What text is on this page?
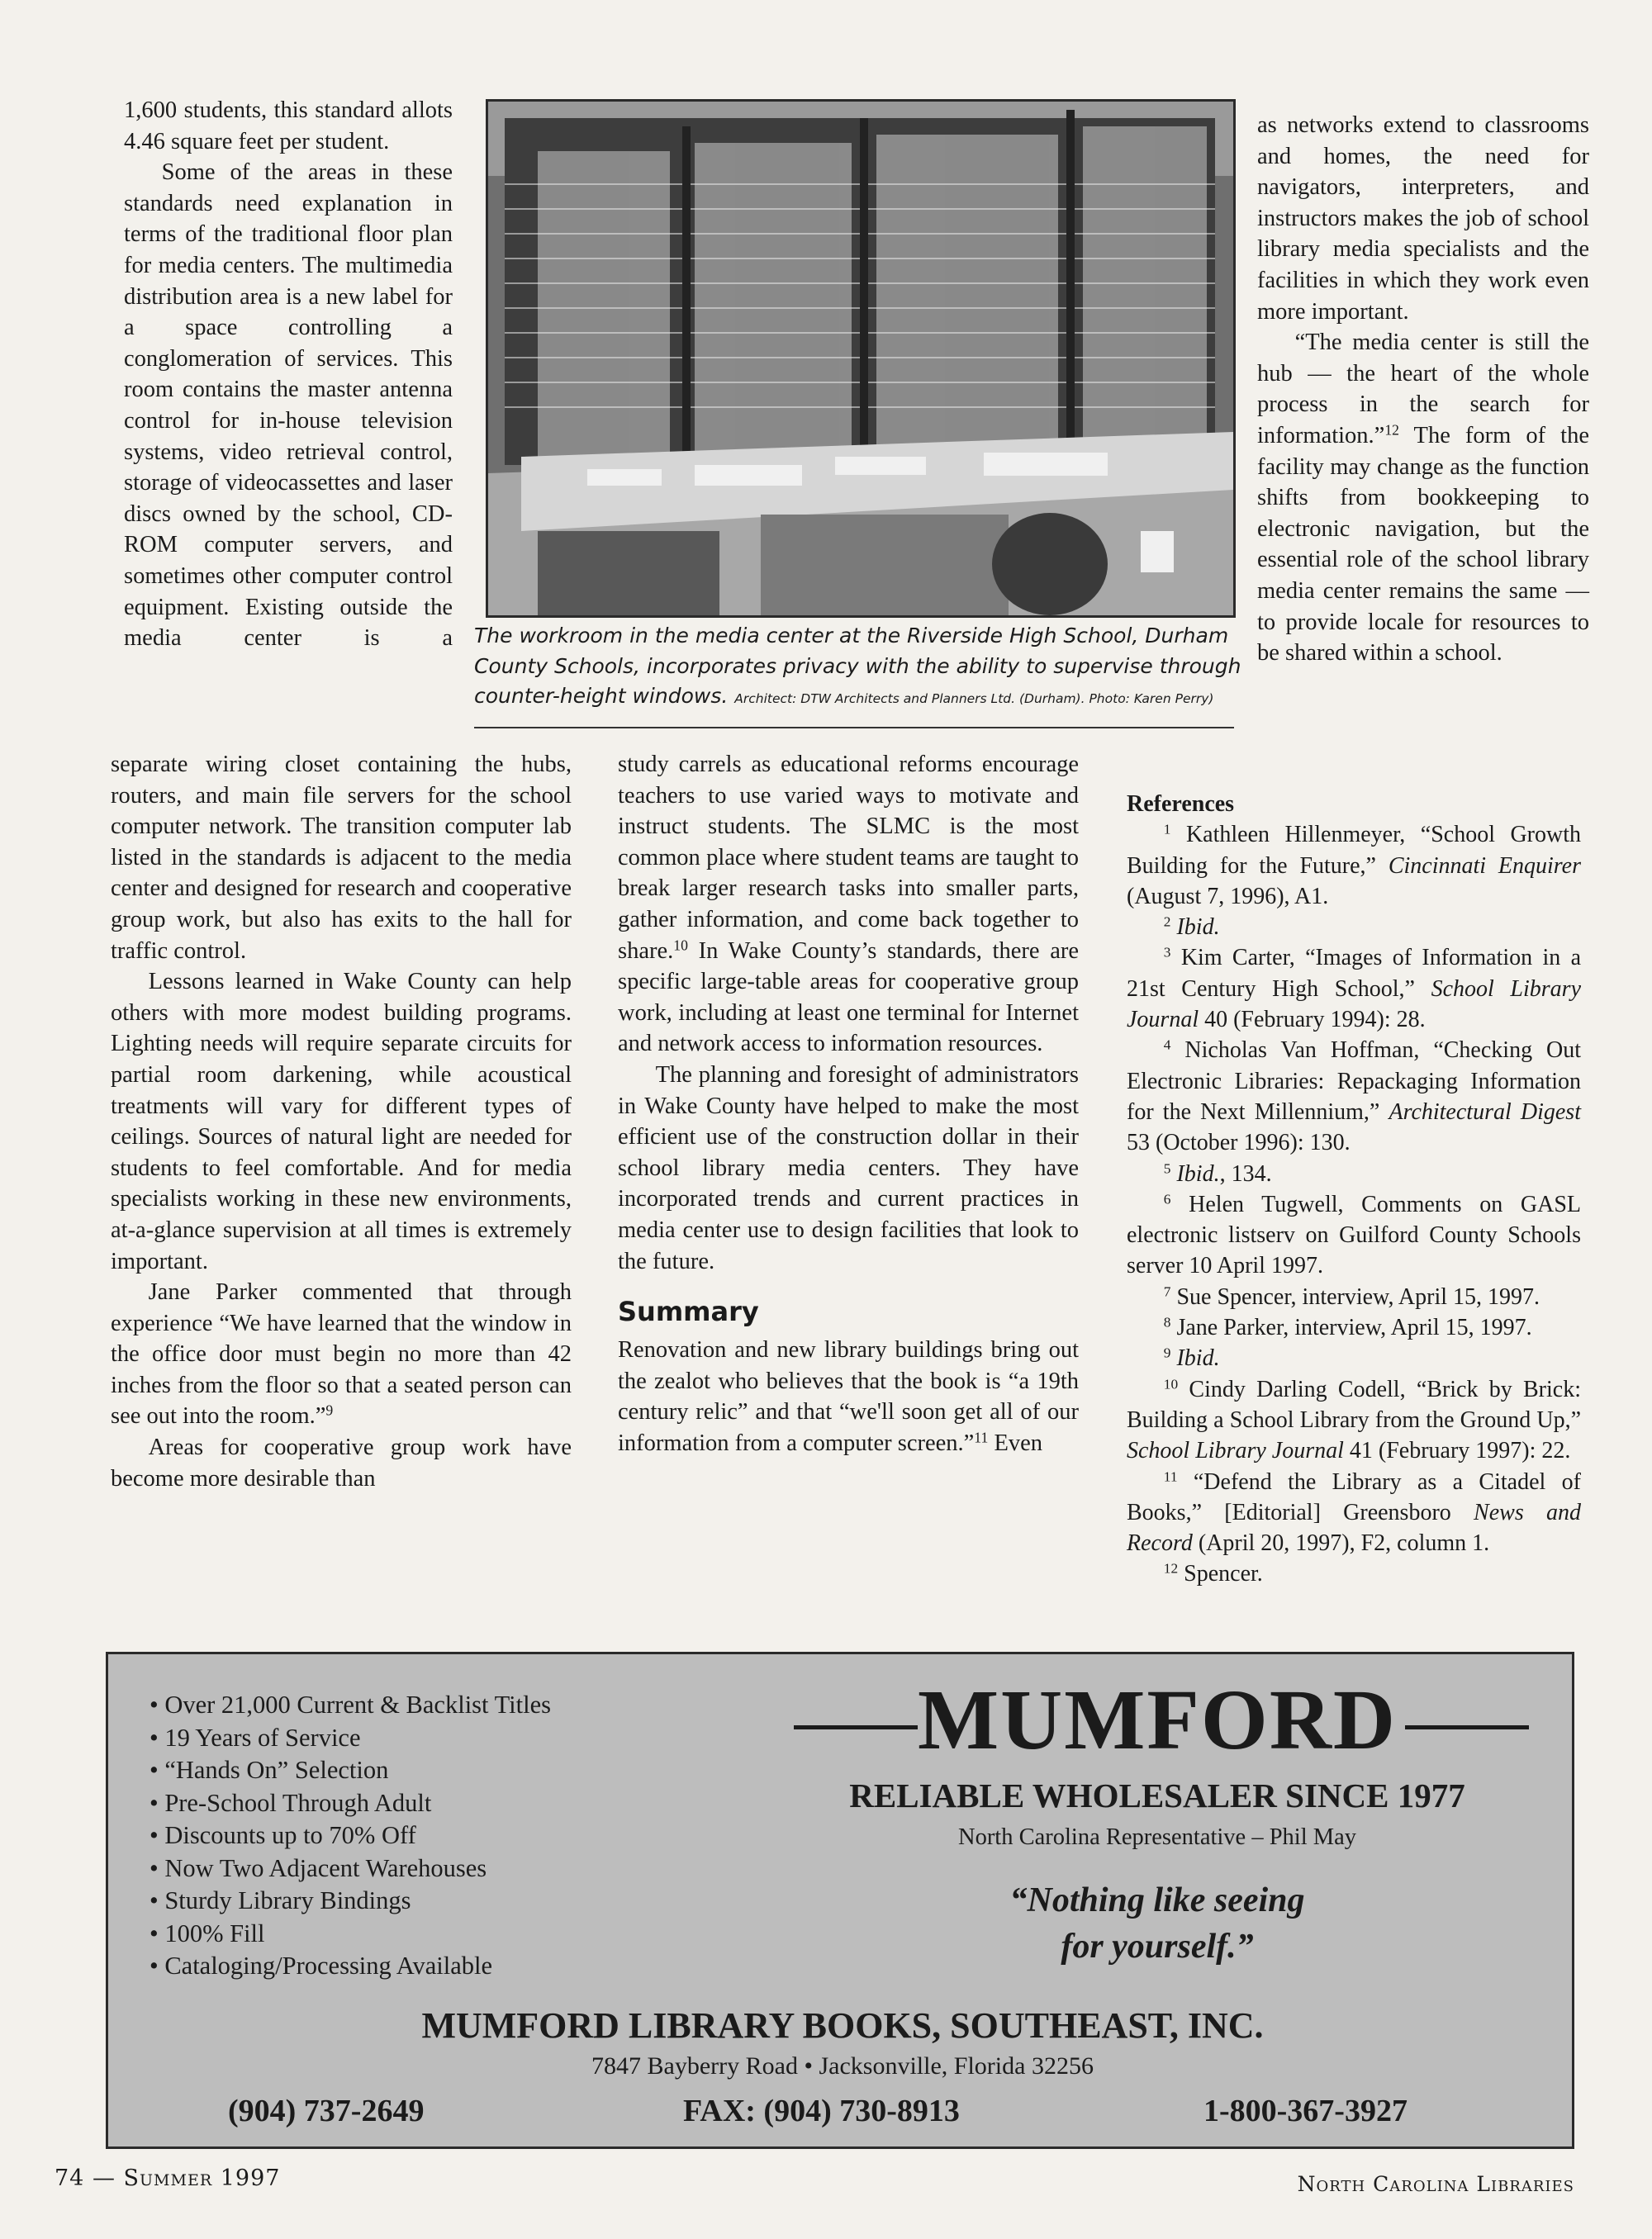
1,600 students, this standard allots 4.46 square feet per student.

Some of the areas in these standards need explanation in terms of the traditional floor plan for media centers. The multimedia distribution area is a new label for a space controlling a conglomeration of services. This room contains the master antenna control for in-house television systems, video retrieval control, storage of videocassettes and laser discs owned by the school, CD-ROM computer servers, and sometimes other computer control equipment. Existing outside the media center is a

separate wiring closet containing the hubs, routers, and main file servers for the school computer network. The transition computer lab listed in the standards is adjacent to the media center and designed for research and cooperative group work, but also has exits to the hall for traffic control.

Lessons learned in Wake County can help others with more modest building programs. Lighting needs will require separate circuits for partial room darkening, while acoustical treatments will vary for different types of ceilings. Sources of natural light are needed for students to feel comfortable. And for media specialists working in these new environments, at-a-glance supervision at all times is extremely important.

Jane Parker commented that through experience “We have learned that the window in the office door must begin no more than 42 inches from the floor so that a seated person can see out into the room.”$^9$

Areas for cooperative group work have become more desirable than

The workroom in the media center at the Riverside High School, Durham County Schools, incorporates privacy with the ability to supervise through counter-height windows. Architect: DTW Architects and Planners Ltd. (Durham). Photo: Karen Perry)

study carrels as educational reforms encourage teachers to use varied ways to motivate and instruct students. The SLMC is the most common place where student teams are taught to break larger research tasks into smaller parts, gather information, and come back together to share.$^{10}$ In Wake County’s standards, there are specific large-table areas for cooperative group work, including at least one terminal for Internet and network access to information resources.

The planning and foresight of administrators in Wake County have helped to make the most efficient use of the construction dollar in their school library media centers. They have incorporated trends and current practices in media center use to design facilities that look to the future.

Summary

Renovation and new library buildings bring out the zealot who believes that the book is “a 19th century relic” and that “we'll soon get all of our information from a computer screen.”$^{11}$ Even

as networks extend to classrooms and homes, the need for navigators, interpreters, and instructors makes the job of school library media specialists and the facilities in which they work even more important.

“The media center is still the hub — the heart of the whole process in the search for information.”$^{12}$ The form of the facility may change as the function shifts from bookkeeping to electronic navigation, but the essential role of the school library media center remains the same — to provide locale for resources to be shared within a school.

References

$^1$ Kathleen Hillenmeyer, “School Growth Building for the Future,” Cincinnati Enquirer (August 7, 1996), A1.

$^2$ Ibid.

$^3$ Kim Carter, “Images of Information in a 21st Century High School,” School Library Journal 40 (February 1994): 28.

$^4$ Nicholas Van Hoffman, “Checking Out Electronic Libraries: Repackaging Information for the Next Millennium,” Architectural Digest 53 (October 1996): 130.

$^5$ Ibid., 134.

$^6$ Helen Tugwell, Comments on GASL electronic listserv on Guilford County Schools server 10 April 1997.

$^7$ Sue Spencer, interview, April 15, 1997.

$^8$ Jane Parker, interview, April 15, 1997.

$^9$ Ibid.

$^{10}$ Cindy Darling Codell, “Brick by Brick: Building a School Library from the Ground Up,” School Library Journal 41 (February 1997): 22.

$^{11}$ “Defend the Library as a Citadel of Books,” [Editorial] Greensboro News and Record (April 20, 1997), F2, column 1.

$^{12}$ Spencer.

• Over 21,000 Current & Backlist Titles
• 19 Years of Service
• “Hands On” Selection
• Pre-School Through Adult
• Discounts up to 70% Off
• Now Two Adjacent Warehouses
• Sturdy Library Bindings
• 100% Fill
• Cataloging/Processing Available
MUMFORD
RELIABLE WHOLESALER SINCE 1977
North Carolina Representative – Phil May
“Nothing like seeing
for yourself.”
MUMFORD LIBRARY BOOKS, SOUTHEAST, INC.
7847 Bayberry Road • Jacksonville, Florida 32256
(904) 737-2649	FAX: (904) 730-8913	1-800-367-3927
74 — Summer 1997	North Carolina Libraries
